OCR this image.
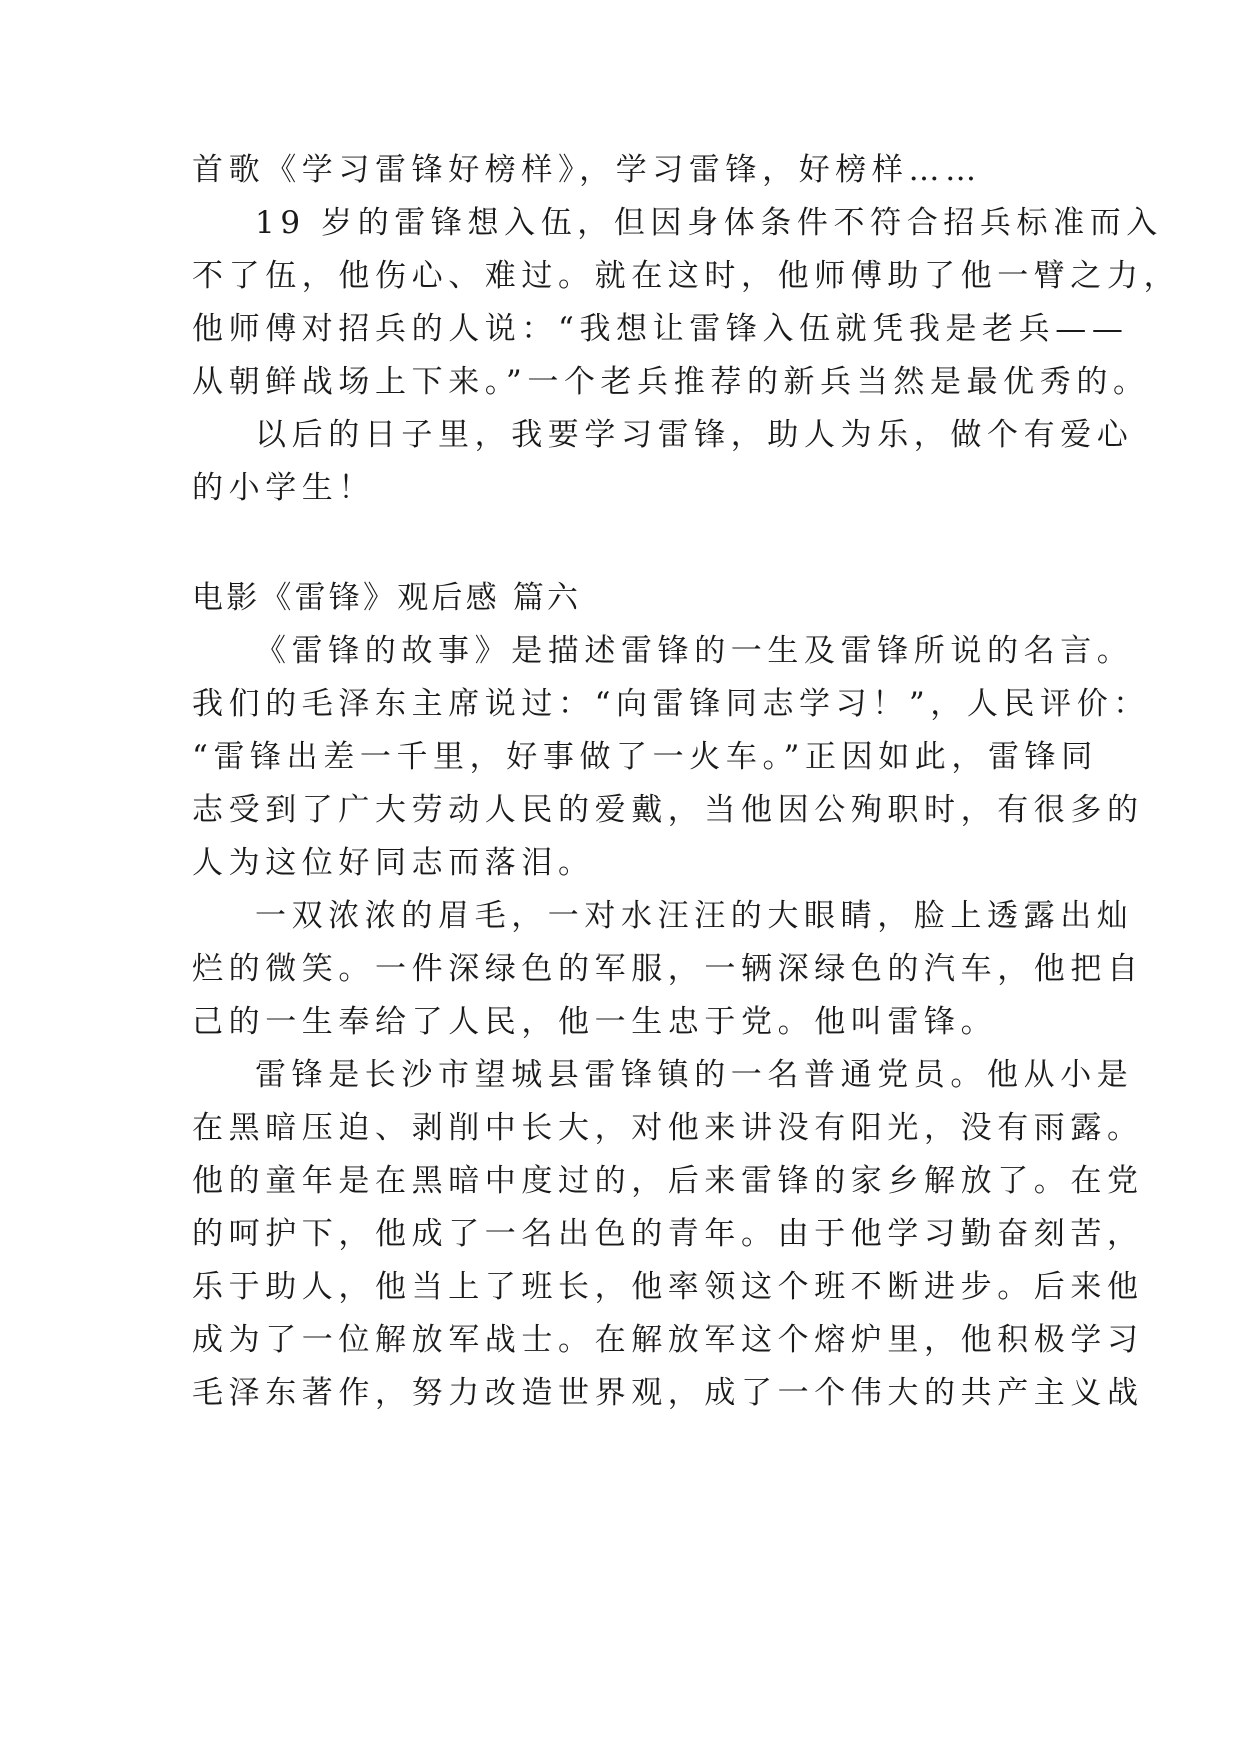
首歌《学习雷锋好榜样》，学习雷锋，好榜样……
19 岁的雷锋想入伍，但因身体条件不符合招兵标准而入
不了伍，他伤心、难过。就在这时，他师傅助了他一臂之力，
他师傅对招兵的人说：“我想让雷锋入伍就凭我是老兵——
从朝鲜战场上下来。”一个老兵推荐的新兵当然是最优秀的。
以后的日子里，我要学习雷锋，助人为乐，做个有爱心
的小学生！
电影《雷锋》观后感 篇六
《雷锋的故事》是描述雷锋的一生及雷锋所说的名言。
我们的毛泽东主席说过：“向雷锋同志学习！”，人民评价：
“雷锋出差一千里，好事做了一火车。”正因如此，雷锋同
志受到了广大劳动人民的爱戴，当他因公殉职时，有很多的
人为这位好同志而落泪。
一双浓浓的眉毛，一对水汪汪的大眼睛，脸上透露出灿
烂的微笑。一件深绿色的军服，一辆深绿色的汽车，他把自
己的一生奉给了人民，他一生忠于党。他叫雷锋。
雷锋是长沙市望城县雷锋镇的一名普通党员。他从小是
在黑暗压迫、剥削中长大，对他来讲没有阳光，没有雨露。
他的童年是在黑暗中度过的，后来雷锋的家乡解放了。在党
的呵护下，他成了一名出色的青年。由于他学习勤奋刻苦，
乐于助人，他当上了班长，他率领这个班不断进步。后来他
成为了一位解放军战士。在解放军这个熔炉里，他积极学习
毛泽东著作，努力改造世界观，成了一个伟大的共产主义战
